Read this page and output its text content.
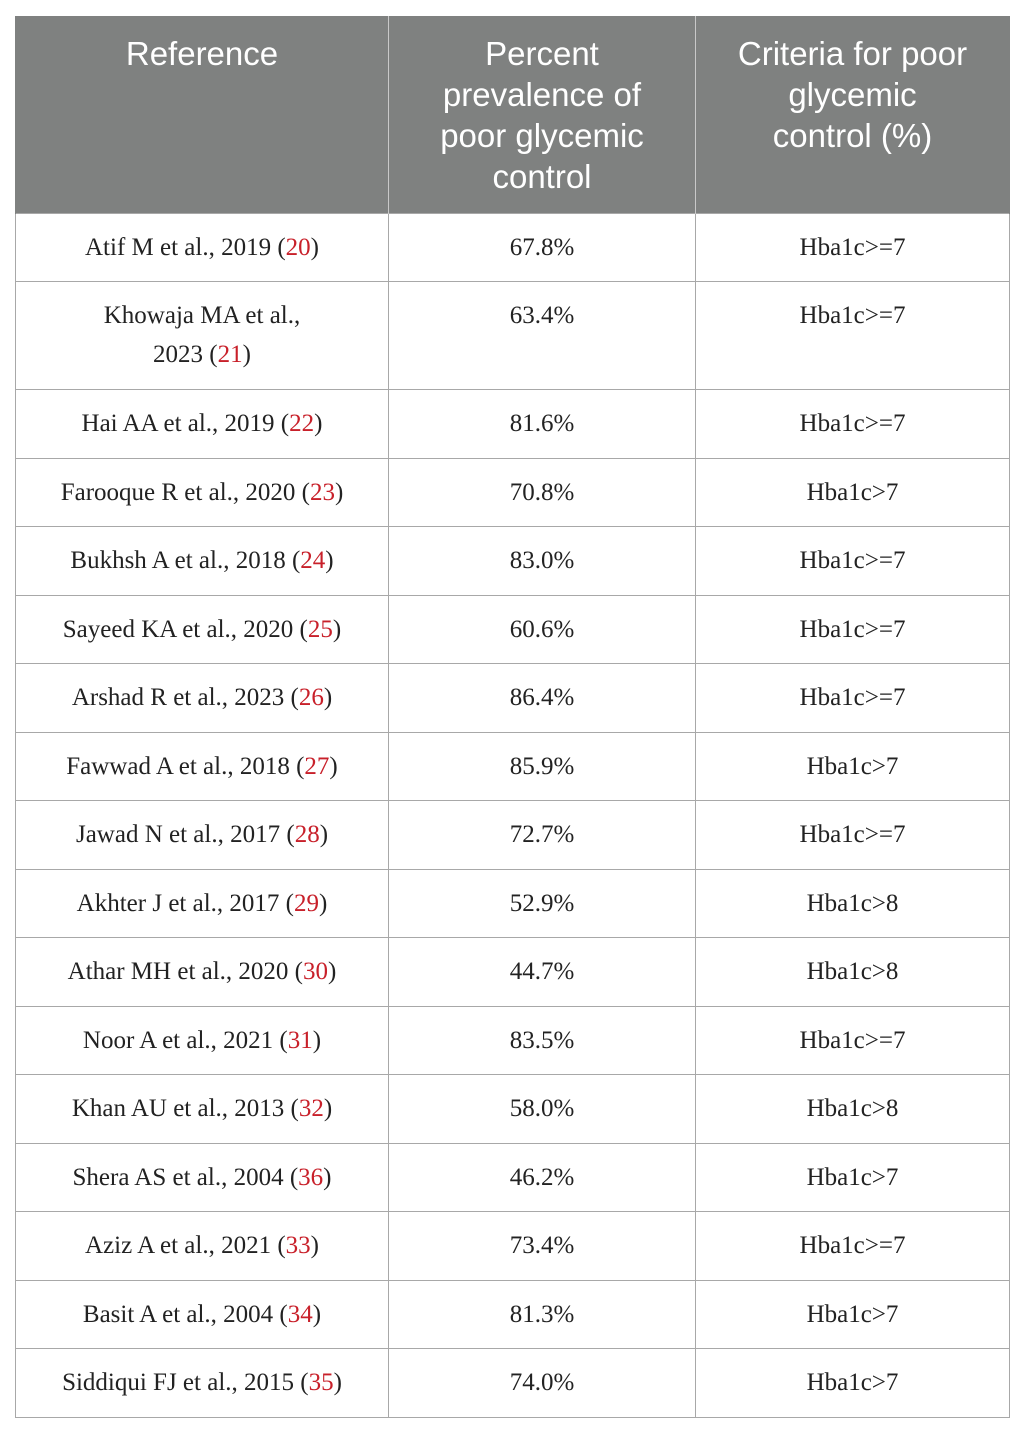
Reference	Percent
prevalence of
poor glycemic
control	Criteria for poor
glycemic
control (%)

Atif M et al., 2019 (20)	67.8%	Hba1c>=7

Khowaja MA et al.,
2023 (21)	63.4%	Hba1c>=7

Hai AA et al., 2019 (22)	81.6%	Hba1c>=7

Farooque R et al., 2020 (23)	70.8%	Hba1c>7

Bukhsh A et al., 2018 (24)	83.0%	Hba1c>=7

Sayeed KA et al., 2020 (25)	60.6%	Hba1c>=7

Arshad R et al., 2023 (26)	86.4%	Hba1c>=7

Fawwad A et al., 2018 (27)	85.9%	Hba1c>7

Jawad N et al., 2017 (28)	72.7%	Hba1c>=7

Akhter J et al., 2017 (29)	52.9%	Hba1c>8

Athar MH et al., 2020 (30)	44.7%	Hba1c>8

Noor A et al., 2021 (31)	83.5%	Hba1c>=7

Khan AU et al., 2013 (32)	58.0%	Hba1c>8

Shera AS et al., 2004 (36)	46.2%	Hba1c>7

Aziz A et al., 2021 (33)	73.4%	Hba1c>=7

Basit A et al., 2004 (34)	81.3%	Hba1c>7

Siddiqui FJ et al., 2015 (35)	74.0%	Hba1c>7
